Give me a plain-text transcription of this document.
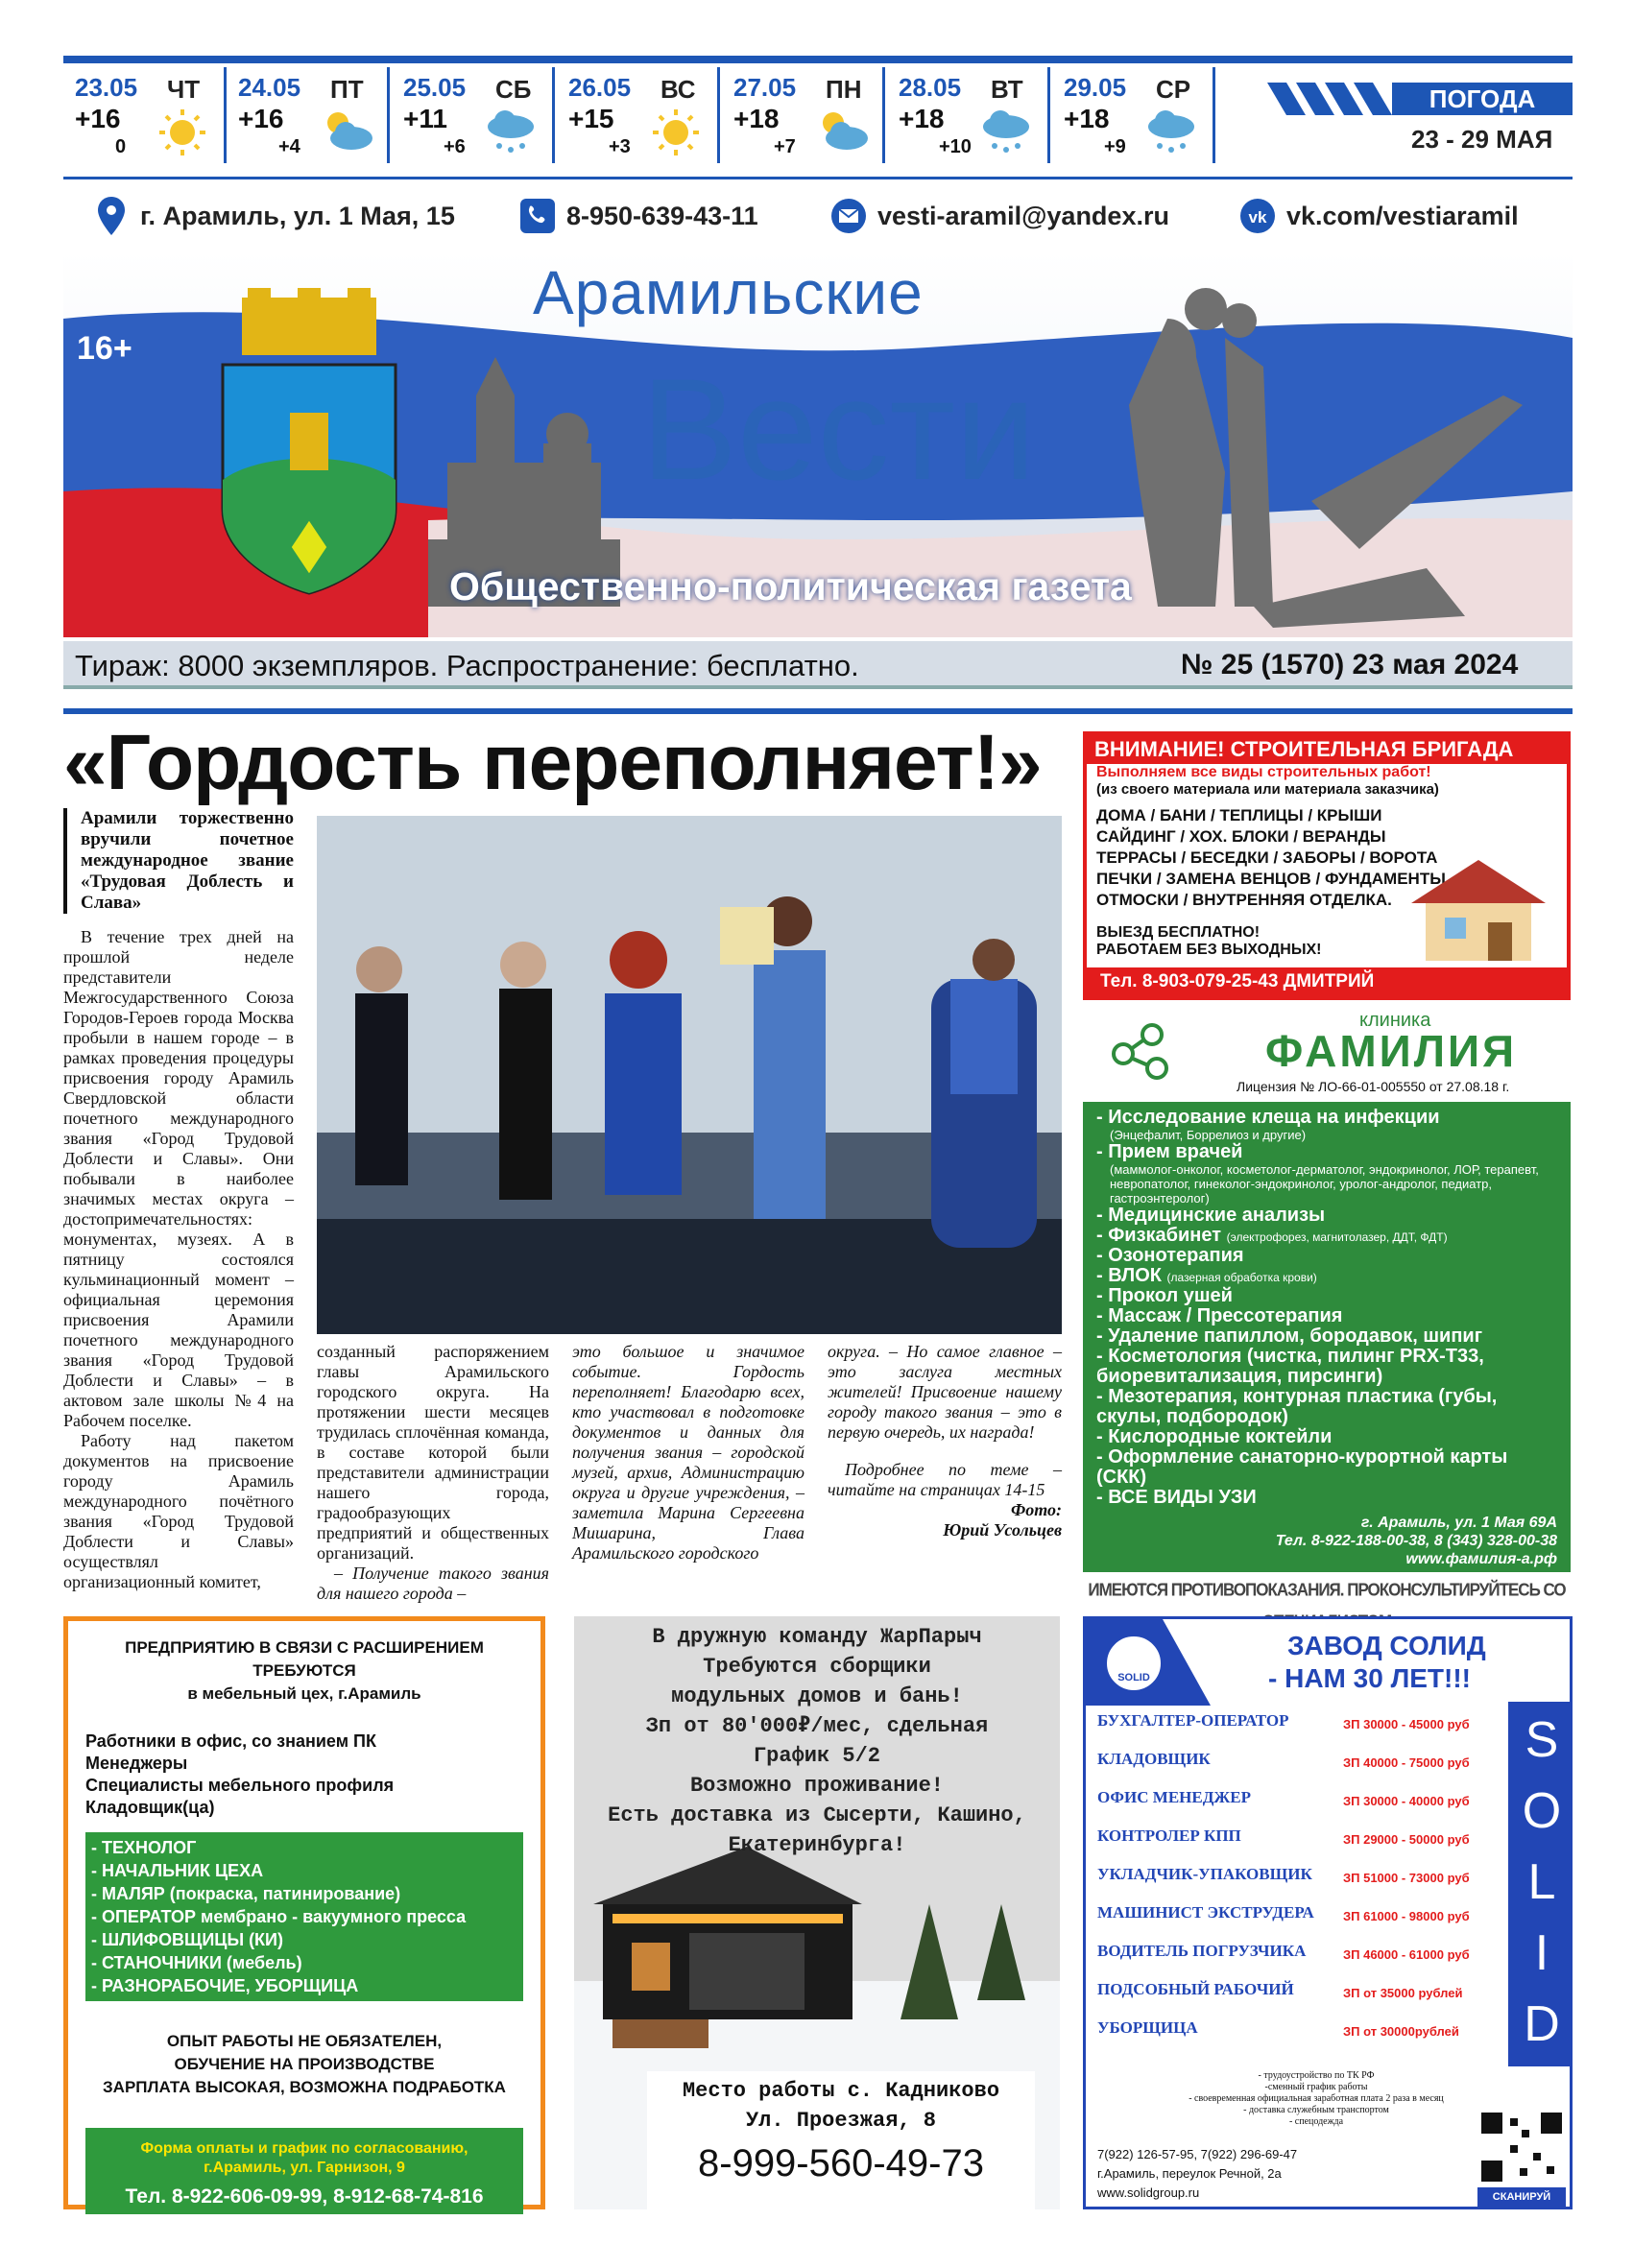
23.05 ЧТ
+16
0
24.05 ПТ
+16
+4
25.05 СБ
+11
+6
26.05 ВС
+15
+3
27.05 ПН
+18
+7
28.05 ВТ
+18
+10
29.05 СР
+18
+9
ПОГОДА
23 - 29 МАЯ
г. Арамиль, ул. 1 Мая, 15	8-950-639-43-11	vesti-aramil@yandex.ru	vk vk.com/vestiaramil
16+
Арамильские
Вести
Общественно-политическая газета
Тираж: 8000 экземпляров. Распространение: бесплатно.	№ 25 (1570) 23 мая 2024
«Гордость переполняет!»
Арамили торжественно вручили почетное международное звание «Трудовая Доблесть и Слава»

В течение трех дней на прошлой неделе представители Межгосударственного Союза Городов-Героев города Москва пробыли в нашем городе – в рамках проведения процедуры присвоения городу Арамиль Свердловской области почетного международного звания «Город Трудовой Доблести и Славы». Они побывали в наиболее значимых местах округа – достопримечательностях: монументах, музеях. А в пятницу состоялся кульминационный момент – официальная церемония присвоения Арамили почетного международного звания «Город Трудовой Доблести и Славы» – в актовом зале школы №4 на Рабочем поселке.

Работу над пакетом документов на присвоение городу Арамиль международного почётного звания «Город Трудовой Доблести и Славы» осуществлял организационный комитет,

созданный распоряжением главы Арамильского городского округа. На протяжении шести месяцев трудилась сплочённая команда, в составе которой были представители администрации нашего города, градообразующих предприятий и общественных организаций.

– Получение такого звания для нашего города –

это большое и значимое событие. Гордость переполняет! Благодарю всех, кто участвовал в подготовке документов и данных для получения звания – городской музей, архив, Администрацию округа и другие учреждения, – заметила Марина Сергеевна Мишарина, Глава Арамильского городского

округа. – Но самое главное – это заслуга местных жителей! Присвоение нашему городу такого звания – это в первую очередь, их награда!

Подробнее по теме – читайте на страницах 14-15

Фото:
Юрий Усольцев
ВНИМАНИЕ! СТРОИТЕЛЬНАЯ БРИГАДА
Выполняем все виды строительных работ!
(из своего материала или материала заказчика)
ДОМА / БАНИ / ТЕПЛИЦЫ / КРЫШИ
САЙДИНГ / ХОХ. БЛОКИ / ВЕРАНДЫ
ТЕРРАСЫ / БЕСЕДКИ / ЗАБОРЫ / ВОРОТА
ПЕЧКИ / ЗАМЕНА ВЕНЦОВ / ФУНДАМЕНТЫ
ОТМОСКИ / ВНУТРЕННЯЯ ОТДЕЛКА.
ВЫЕЗД БЕСПЛАТНО!
РАБОТАЕМ БЕЗ ВЫХОДНЫХ!
Тел. 8-903-079-25-43 ДМИТРИЙ
клиника
ФАМИЛИЯ
Лицензия № ЛО-66-01-005550 от 27.08.18 г.
- Исследование клеща на инфекции
(Энцефалит, Боррелиоз и другие)
- Прием врачей
(маммолог-онколог, косметолог-дерматолог, эндокринолог, ЛОР, терапевт, невропатолог, гинеколог-эндокринолог, уролог-андролог, педиатр, гастроэнтеролог)
- Медицинские анализы
- Физкабинет (электрофорез, магнитолазер, ДДТ, ФДТ)
- Озонотерапия
- ВЛОК (лазерная обработка крови)
- Прокол ушей
- Массаж / Прессотерапия
- Удаление папиллом, бородавок, шипиг
- Косметология (чистка, пилинг PRX-T33, биоревитализация, пирсинги)
- Мезотерапия, контурная пластика (губы, скулы, подбородок)
- Кислородные коктейли
- Оформление санаторно-курортной карты (СКК)
- ВСЕ ВИДЫ УЗИ
г. Арамиль, ул. 1 Мая 69А
Тел. 8-922-188-00-38, 8 (343) 328-00-38
www.фамилия-а.рф
ИМЕЮТСЯ ПРОТИВОПОКАЗАНИЯ. ПРОКОНСУЛЬТИРУЙТЕСЬ СО
ПРЕДПРИЯТИЮ В СВЯЗИ С РАСШИРЕНИЕМ ТРЕБУЮТСЯ
в мебельный цех, г.Арамиль
Работники в офис, со знанием ПК
Менеджеры
Специалисты мебельного профиля
Кладовщик(ца)
- ТЕХНОЛОГ
- НАЧАЛЬНИК ЦЕХА
- МАЛЯР (покраска, патинирование)
- ОПЕРАТОР мембрано - вакуумного пресса
- ШЛИФОВЩИЦЫ (КИ)
- СТАНОЧНИКИ (мебель)
- РАЗНОРАБОЧИЕ, УБОРЩИЦА
ОПЫТ РАБОТЫ НЕ ОБЯЗАТЕЛЕН,
ОБУЧЕНИЕ НА ПРОИЗВОДСТВЕ
ЗАРПЛАТА ВЫСОКАЯ, ВОЗМОЖНА ПОДРАБОТКА
Форма оплаты и график по согласованию,
г.Арамиль, ул. Гарнизон, 9
Тел. 8-922-606-09-99, 8-912-68-74-816
В дружную команду ЖарПарыч
Требуются сборщики
модульных домов и бань!
Зп от 80'000₽/мес, сдельная
График 5/2
Возможно проживание!
Есть доставка из Сысерти, Кашино,
Екатеринбурга!
Место работы с. Кадниково
Ул. Проезжая, 8
8-999-560-49-73
SOLID
ЗАВОД СОЛИД
- НАМ 30 ЛЕТ!!!
БУХГАЛТЕР-ОПЕРАТОР	ЗП 30000 - 45000 руб
КЛАДОВЩИК	ЗП 40000 - 75000 руб
ОФИС МЕНЕДЖЕР	ЗП 30000 - 40000 руб
КОНТРОЛЕР КПП	ЗП 29000 - 50000 руб
УКЛАДЧИК-УПАКОВЩИК ЗП 51000 - 73000 руб
МАШИНИСТ ЭКСТРУДЕРА ЗП 61000 - 98000 руб
ВОДИТЕЛЬ ПОГРУЗЧИКА	ЗП 46000 - 61000 руб
ПОДСОБНЫЙ РАБОЧИЙ	ЗП от 35000 рублей
УБОРЩИЦА	ЗП от 30000рублей
S
O
L
I
D
- трудоустройство по ТК РФ
-сменный график работы
- своевременная официальная заработная плата 2 раза в месяц
- доставка служебным транспортом
- спецодежда
7(922) 126-57-95, 7(922) 296-69-47
г.Арамиль, переулок Речной, 2а
www.solidgroup.ru	СКАНИРУЙ
